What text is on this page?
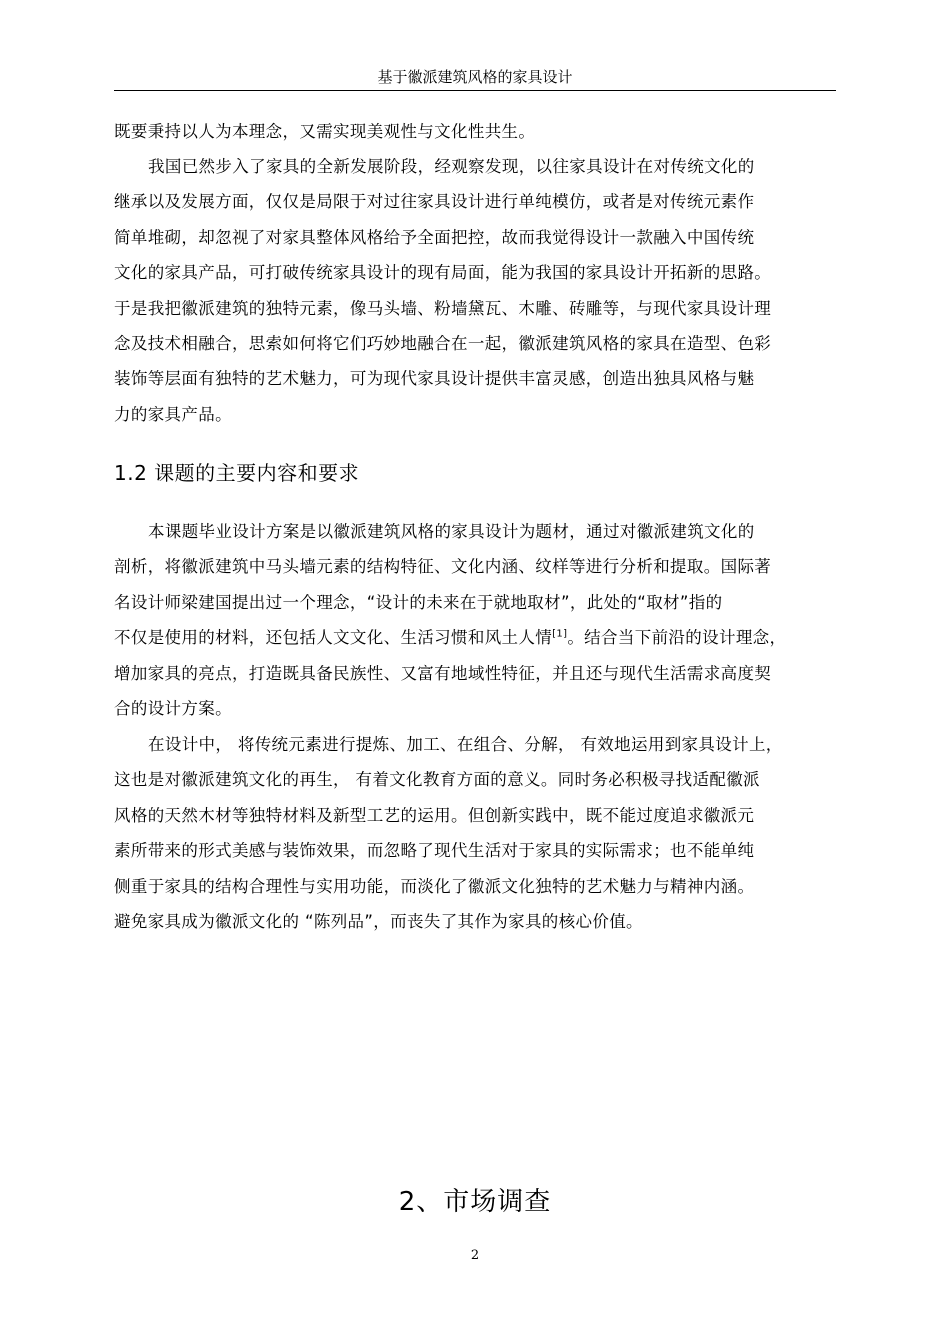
基于徽派建筑风格的家具设计

既要秉持以人为本理念，又需实现美观性与文化性共生。

我国已然步入了家具的全新发展阶段，经观察发现，以往家具设计在对传统文化的
继承以及发展方面，仅仅是局限于对过往家具设计进行单纯模仿，或者是对传统元素作
简单堆砌，却忽视了对家具整体风格给予全面把控，故而我觉得设计一款融入中国传统
文化的家具产品，可打破传统家具设计的现有局面，能为我国的家具设计开拓新的思路。
于是我把徽派建筑的独特元素，像马头墙、粉墙黛瓦、木雕、砖雕等，与现代家具设计理
念及技术相融合，思索如何将它们巧妙地融合在一起，徽派建筑风格的家具在造型、色彩
装饰等层面有独特的艺术魅力，可为现代家具设计提供丰富灵感，创造出独具风格与魅
力的家具产品。

1.2 课题的主要内容和要求

本课题毕业设计方案是以徽派建筑风格的家具设计为题材，通过对徽派建筑文化的
剖析，将徽派建筑中马头墙元素的结构特征、文化内涵、纹样等进行分析和提取。国际著
名设计师梁建国提出过一个理念，“设计的未来在于就地取材”，此处的“取材”指的
不仅是使用的材料，还包括人文文化、生活习惯和风土人情[1]。结合当下前沿的设计理念，
增加家具的亮点，打造既具备民族性、又富有地域性特征，并且还与现代生活需求高度契
合的设计方案。

在设计中， 将传统元素进行提炼、加工、在组合、分解， 有效地运用到家具设计上，
这也是对徽派建筑文化的再生， 有着文化教育方面的意义。同时务必积极寻找适配徽派
风格的天然木材等独特材料及新型工艺的运用。但创新实践中，既不能过度追求徽派元
素所带来的形式美感与装饰效果，而忽略了现代生活对于家具的实际需求；也不能单纯
侧重于家具的结构合理性与实用功能，而淡化了徽派文化独特的艺术魅力与精神内涵。
避免家具成为徽派文化的 “陈列品”，而丧失了其作为家具的核心价值。

2、市场调查
2
